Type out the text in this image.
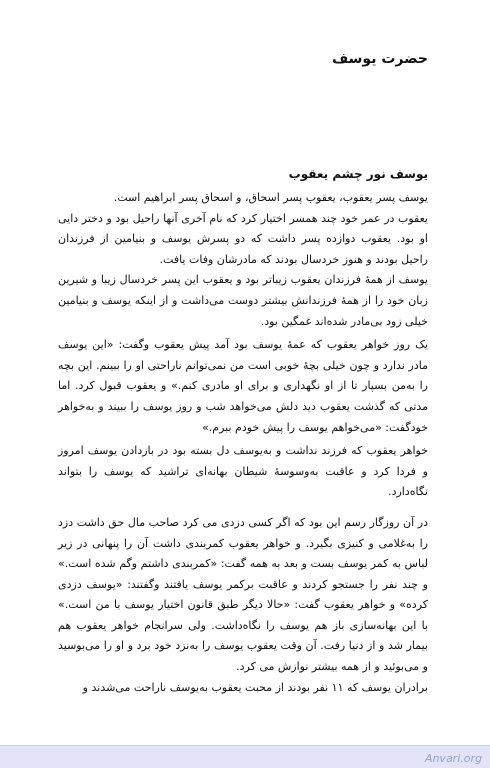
حضرت یوسف
یوسف نور چشم یعقوب

یوسف پسر یعقوب، یعقوب پسر اسحاق، و اسحاق پسر ابراهیم است.

یعقوب در عمر خود چند همسر اختیار کرد که نام آخری آنها راحیل بود و دختر دایی او بود. یعقوب دوازده پسر داشت که دو پسرش یوسف و بنیامین از فرزندان راحیل بودند و هنوز خردسال بودند که مادرشان وفات یافت.

یوسف از همهٔ فرزندان یعقوب زیباتر بود و یعقوب این پسر خردسال زیبا و شیرین زبان خود را از همهٔ فرزندانش بیشتر دوست می‌داشت و از اینکه یوسف و بنیامین خیلی زود بی‌مادر شده‌اند غمگین بود.

یک روز خواهر یعقوب که عمهٔ یوسف بود آمد پیش یعقوب وگفت: «این یوسف مادر ندارد و چون خیلی بچهٔ خوبی است من نمی‌توانم ناراحتی او را ببینم. این بچه را به‌من بسپار تا از او نگهداری و برای او مادری کنم.» و یعقوب قبول کرد. اما مدتی که گذشت یعقوب دید دلش می‌خواهد شب و روز یوسف را ببیند و به‌خواهر خودگفت: «می‌خواهم یوسف را پیش خودم ببرم.»

خواهر یعقوب که فرزند نداشت و به‌یوسف دل بسته بود در بازدادن یوسف امروز و فردا کرد و عاقبت به‌وسوسهٔ شیطان بهانه‌ای تراشید که یوسف را بتواند نگاه‌دارد.

در آن روزگار رسم این بود که اگر کسی دزدی می کرد صاحب مال حق داشت دزد را به‌غلامی و کنیزی بگیرد. و خواهر یعقوب کمربندی داشت آن را پنهانی در زیر لباس به کمر یوسف بست و بعد به همه گفت: «کمربندی داشتم وگم شده است.» و چند نفر را جستجو کردند و عاقبت برکمر یوسف یافتند وگفتند: «یوسف دزدی کرده» و خواهر یعقوب گفت: «حالا دیگر طبق قانون اختیار یوسف با من است.» با این بهانه‌سازی باز هم یوسف را نگاه‌داشت. ولی سرانجام خواهر یعقوب هم بیمار شد و از دنیا رفت. آن وقت یعقوب یوسف را به‌نزد خود برد و او را می‌بوسید و می‌بوئید و از همه بیشتر نوازش می کرد.

برادران یوسف که ۱۱ نفر بودند از محبت یعقوب به‌یوسف ناراحت می‌شدند و

Anvari.org
